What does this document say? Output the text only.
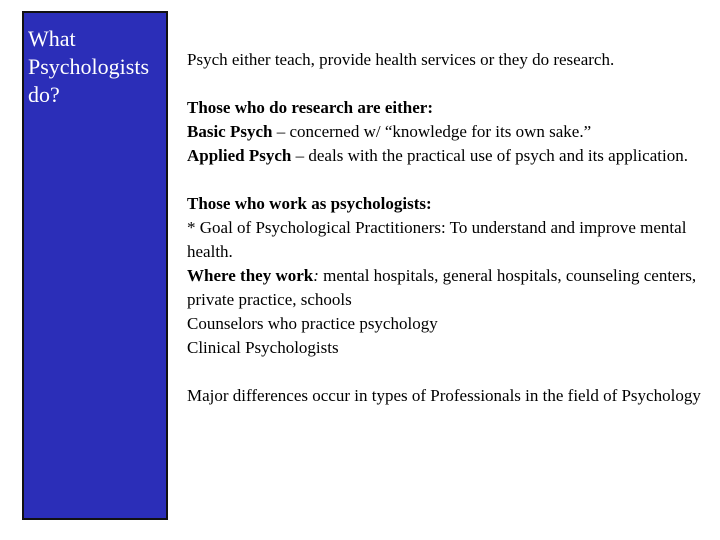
What
Psychologists
do?

Psych either teach, provide health services or they do research.

Those who do research are either:

Basic Psych – concerned w/ “knowledge for its own sake.”

Applied Psych – deals with the practical use of psych and its application.

Those who work as psychologists:

* Goal of Psychological Practitioners: To understand and improve mental health.

Where they work: mental hospitals, general hospitals, counseling centers, private practice, schools

Counselors who practice psychology

Clinical Psychologists

Major differences occur in types of Professionals in the field of Psychology
